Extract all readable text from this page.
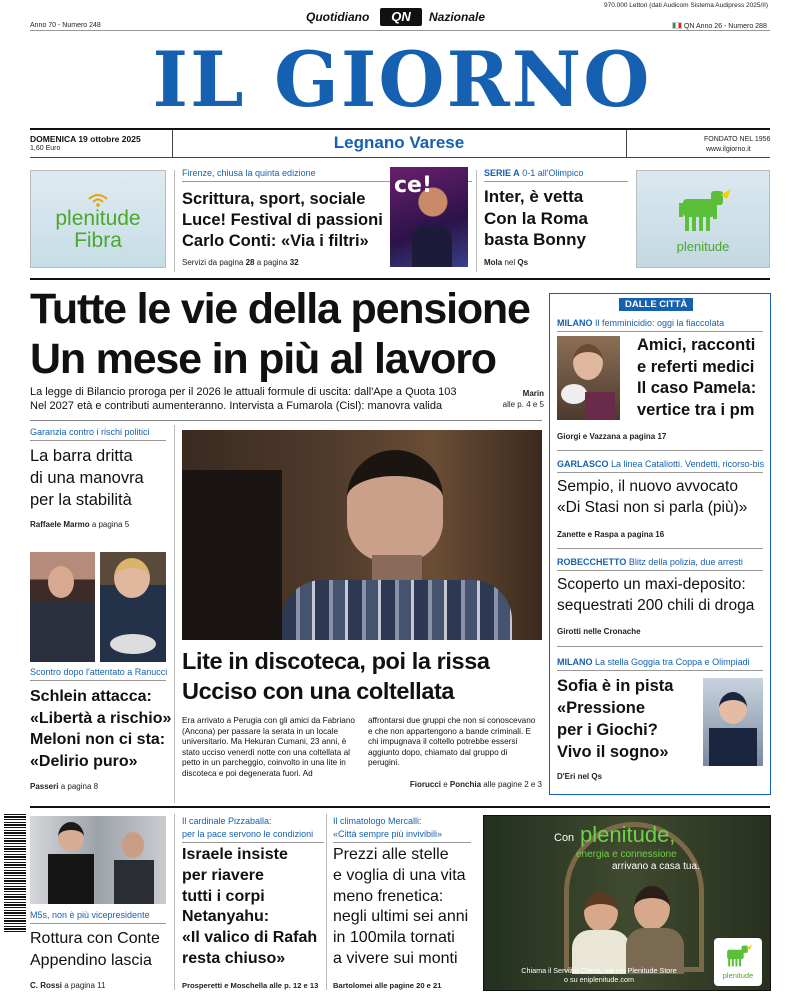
Anno 70 - Numero 248
Quotidiano	QN	Nazionale
970.000 Lettori (dati Audicom Sistema Audipress 2025/II)
QN Anno 26 - Numero 288
IL GIORNO
DOMENICA 19 ottobre 2025
1,60 Euro	Legnano Varese	FONDATO NEL 1956
www.ilgiorno.it
plenitude
Fibra
Firenze, chiusa la quinta edizione
Scrittura, sport, sociale
Luce! Festival di passioni
Carlo Conti: «Via i filtri»
Servizi da pagina 28 a pagina 32
ce!	SERIE A 0-1 all'Olimpico
Inter, è vetta
Con la Roma
basta Bonny
Mola nel Qs
plenitude
Tutte le vie della pensione
Un mese in più al lavoro
La legge di Bilancio proroga per il 2026 le attuali formule di uscita: dall'Ape a Quota 103
Nel 2027 età e contributi aumenteranno. Intervista a Fumarola (Cisl): manovra valida
Marin
alle p. 4 e 5
Garanzia contro i rischi politici
La barra dritta
di una manovra
per la stabilità
Raffaele Marmo a pagina 5
Scontro dopo l'attentato a Ranucci
Schlein attacca:
«Libertà a rischio»
Meloni non ci sta:
«Delirio puro»
Passeri a pagina 8
Lite in discoteca, poi la rissa
Ucciso con una coltellata
Era arrivato a Perugia con gli amici da Fabriano (Ancona) per passare la serata in un locale universitario. Ma Hekuran Cumani, 23 anni, è stato ucciso venerdì notte con una coltellata al petto in un parcheggio, coinvolto in una lite in discoteca e poi degenerata fuori. Ad
affrontarsi due gruppi che non si conoscevano e che non appartengono a bande criminali. E chi impugnava il coltello potrebbe essersi aggiunto dopo, chiamato dal gruppo di perugini.
Fiorucci e Ponchia alle pagine 2 e 3
DALLE CITTÀ
MILANO Il femminicidio: oggi la fiaccolata
Amici, racconti
e referti medici
Il caso Pamela:
vertice tra i pm
Giorgi e Vazzana a pagina 17
GARLASCO La linea Cataliotti. Vendetti, ricorso-bis
Sempio, il nuovo avvocato
«Di Stasi non si parla (più)»
Zanette e Raspa a pagina 16
ROBECCHETTO Blitz della polizia, due arresti
Scoperto un maxi-deposito:
sequestrati 200 chili di droga
Girotti nelle Cronache
MILANO La stella Goggia tra Coppa e Olimpiadi
Sofia è in pista
«Pressione
per i Giochi?
Vivo il sogno»
D'Eri nel Qs
M5s, non è più vicepresidente
Rottura con Conte
Appendino lascia
C. Rossi a pagina 11
Il cardinale Pizzaballa:
per la pace servono le condizioni
Israele insiste
per riavere
tutti i corpi
Netanyahu:
«Il valico di Rafah
resta chiuso»
Prosperetti e Moschella alle p. 12 e 13
Il climatologo Mercalli:
«Città sempre più invivibili»
Prezzi alle stelle
e voglia di una vita
meno frenetica:
negli ultimi sei anni
in 100mila tornati
a vivere sui monti
Bartolomei alle pagine 20 e 21
Con plenitude,
energia e connessione
arrivano a casa tua.
Chiama il Servizio Clienti, vai nei Plenitude Store
o su eniplenitude.com	plenitude
